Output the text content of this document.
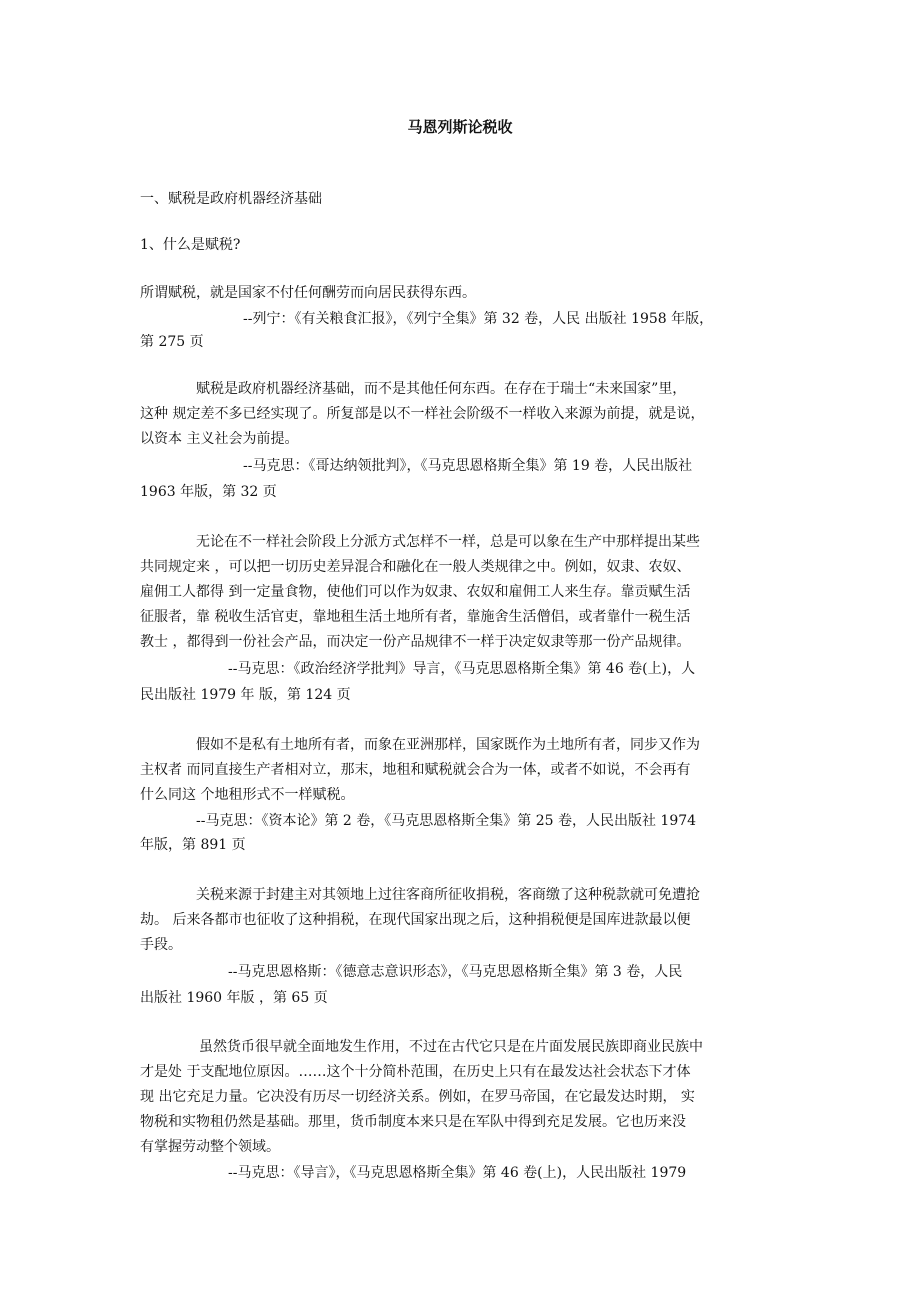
马恩列斯论税收
一、赋税是政府机器经济基础
1、什么是赋税?
所谓赋税，就是国家不付任何酬劳而向居民获得东西。
--列宁：《有关粮食汇报》，《列宁全集》第 32 卷，人民 出版社 1958 年版，
第 275 页
赋税是政府机器经济基础，而不是其他任何东西。在存在于瑞士“未来国家”里，
这种 规定差不多已经实现了。所复部是以不一样社会阶级不一样收入来源为前提，就是说，
以资本 主义社会为前提。
--马克思：《哥达纳领批判》，《马克思恩格斯全集》第 19 卷，人民出版社
1963 年版，第 32 页
无论在不一样社会阶段上分派方式怎样不一样，总是可以象在生产中那样提出某些
共同规定来 ，可以把一切历史差异混合和融化在一般人类规律之中。例如，奴隶、农奴、
雇佣工人都得 到一定量食物，使他们可以作为奴隶、农奴和雇佣工人来生存。靠贡赋生活
征服者，靠 税收生活官吏，靠地租生活土地所有者，靠施舍生活僧侣，或者靠什一税生活
教士 ，都得到一份社会产品，而决定一份产品规律不一样于决定奴隶等那一份产品规律。
--马克思：《政治经济学批判》导言，《马克思恩格斯全集》第 46 卷(上)，人
民出版社 1979 年 版，第 124 页
假如不是私有土地所有者，而象在亚洲那样，国家既作为土地所有者，同步又作为
主权者 而同直接生产者相对立，那末，地租和赋税就会合为一体，或者不如说，不会再有
什么同这 个地租形式不一样赋税。
--马克思：《资本论》第 2 卷，《马克思恩格斯全集》第 25 卷，人民出版社 1974
年版，第 891 页
关税来源于封建主对其领地上过往客商所征收捐税，客商缴了这种税款就可免遭抢
劫。 后来各都市也征收了这种捐税，在现代国家出现之后，这种捐税便是国库进款最以便
手段。
--马克思恩格斯：《德意志意识形态》，《马克思恩格斯全集》第 3 卷，人民
出版社 1960 年版 ，第 65 页
虽然货币很早就全面地发生作用，不过在古代它只是在片面发展民族即商业民族中
才是处 于支配地位原因。……这个十分简朴范围，在历史上只有在最发达社会状态下才体
现 出它充足力量。它决没有历尽一切经济关系。例如，在罗马帝国，在它最发达时期， 实
物税和实物租仍然是基础。那里，货币制度本来只是在军队中得到充足发展。它也历来没
有掌握劳动整个领域。
--马克思：《导言》，《马克思恩格斯全集》第 46 卷(上)，人民出版社 1979
